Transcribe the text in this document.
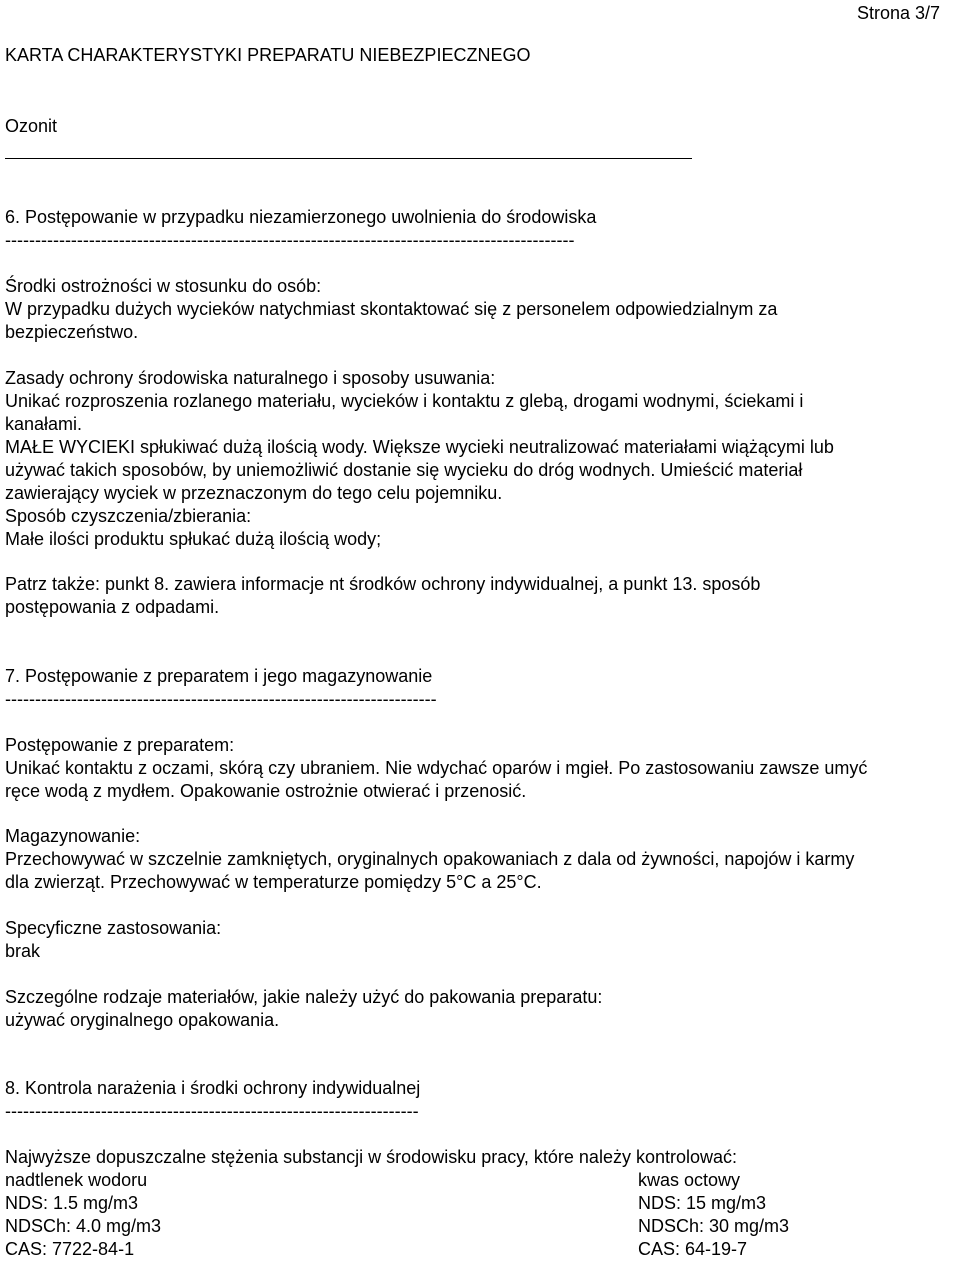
Strona 3/7

KARTA CHARAKTERYSTYKI PREPARATU NIEBEZPIECZNEGO

Ozonit

6. Postępowanie w przypadku niezamierzonego uwolnienia do środowiska

-----------------------------------------------------------------------------------------------

Środki ostrożności w stosunku do osób:

W przypadku dużych wycieków natychmiast skontaktować się z personelem odpowiedzialnym za

bezpieczeństwo.

Zasady ochrony środowiska naturalnego i sposoby usuwania:

Unikać rozproszenia rozlanego materiału, wycieków i kontaktu z glebą, drogami wodnymi, ściekami i

kanałami.

MAŁE WYCIEKI spłukiwać dużą ilością wody. Większe wycieki neutralizować materiałami wiążącymi lub

używać takich sposobów, by uniemożliwić dostanie się wycieku do dróg wodnych. Umieścić materiał

zawierający wyciek w przeznaczonym do tego celu pojemniku.

Sposób czyszczenia/zbierania:

Małe ilości produktu spłukać dużą ilością wody;

Patrz także: punkt 8. zawiera informacje nt środków ochrony indywidualnej, a punkt 13. sposób

postępowania z odpadami.

7. Postępowanie z preparatem i jego magazynowanie

------------------------------------------------------------------------

Postępowanie z preparatem:

Unikać kontaktu z oczami, skórą czy ubraniem. Nie wdychać oparów i mgieł. Po zastosowaniu zawsze umyć

ręce wodą z mydłem. Opakowanie ostrożnie otwierać i przenosić.

Magazynowanie:

Przechowywać w szczelnie zamkniętych, oryginalnych opakowaniach z dala od żywności, napojów i karmy

dla zwierząt. Przechowywać w temperaturze pomiędzy 5°C a 25°C.

Specyficzne zastosowania:

brak

Szczególne rodzaje materiałów, jakie należy użyć do pakowania preparatu:

używać oryginalnego opakowania.

8. Kontrola narażenia i środki ochrony indywidualnej

---------------------------------------------------------------------

Najwyższe dopuszczalne stężenia substancji w środowisku pracy, które należy kontrolować:

nadtlenek wodoru

NDS: 1.5 mg/m3

NDSCh: 4.0 mg/m3

CAS: 7722-84-1

kwas octowy
NDS: 15 mg/m3
NDSCh: 30 mg/m3
CAS: 64-19-7
